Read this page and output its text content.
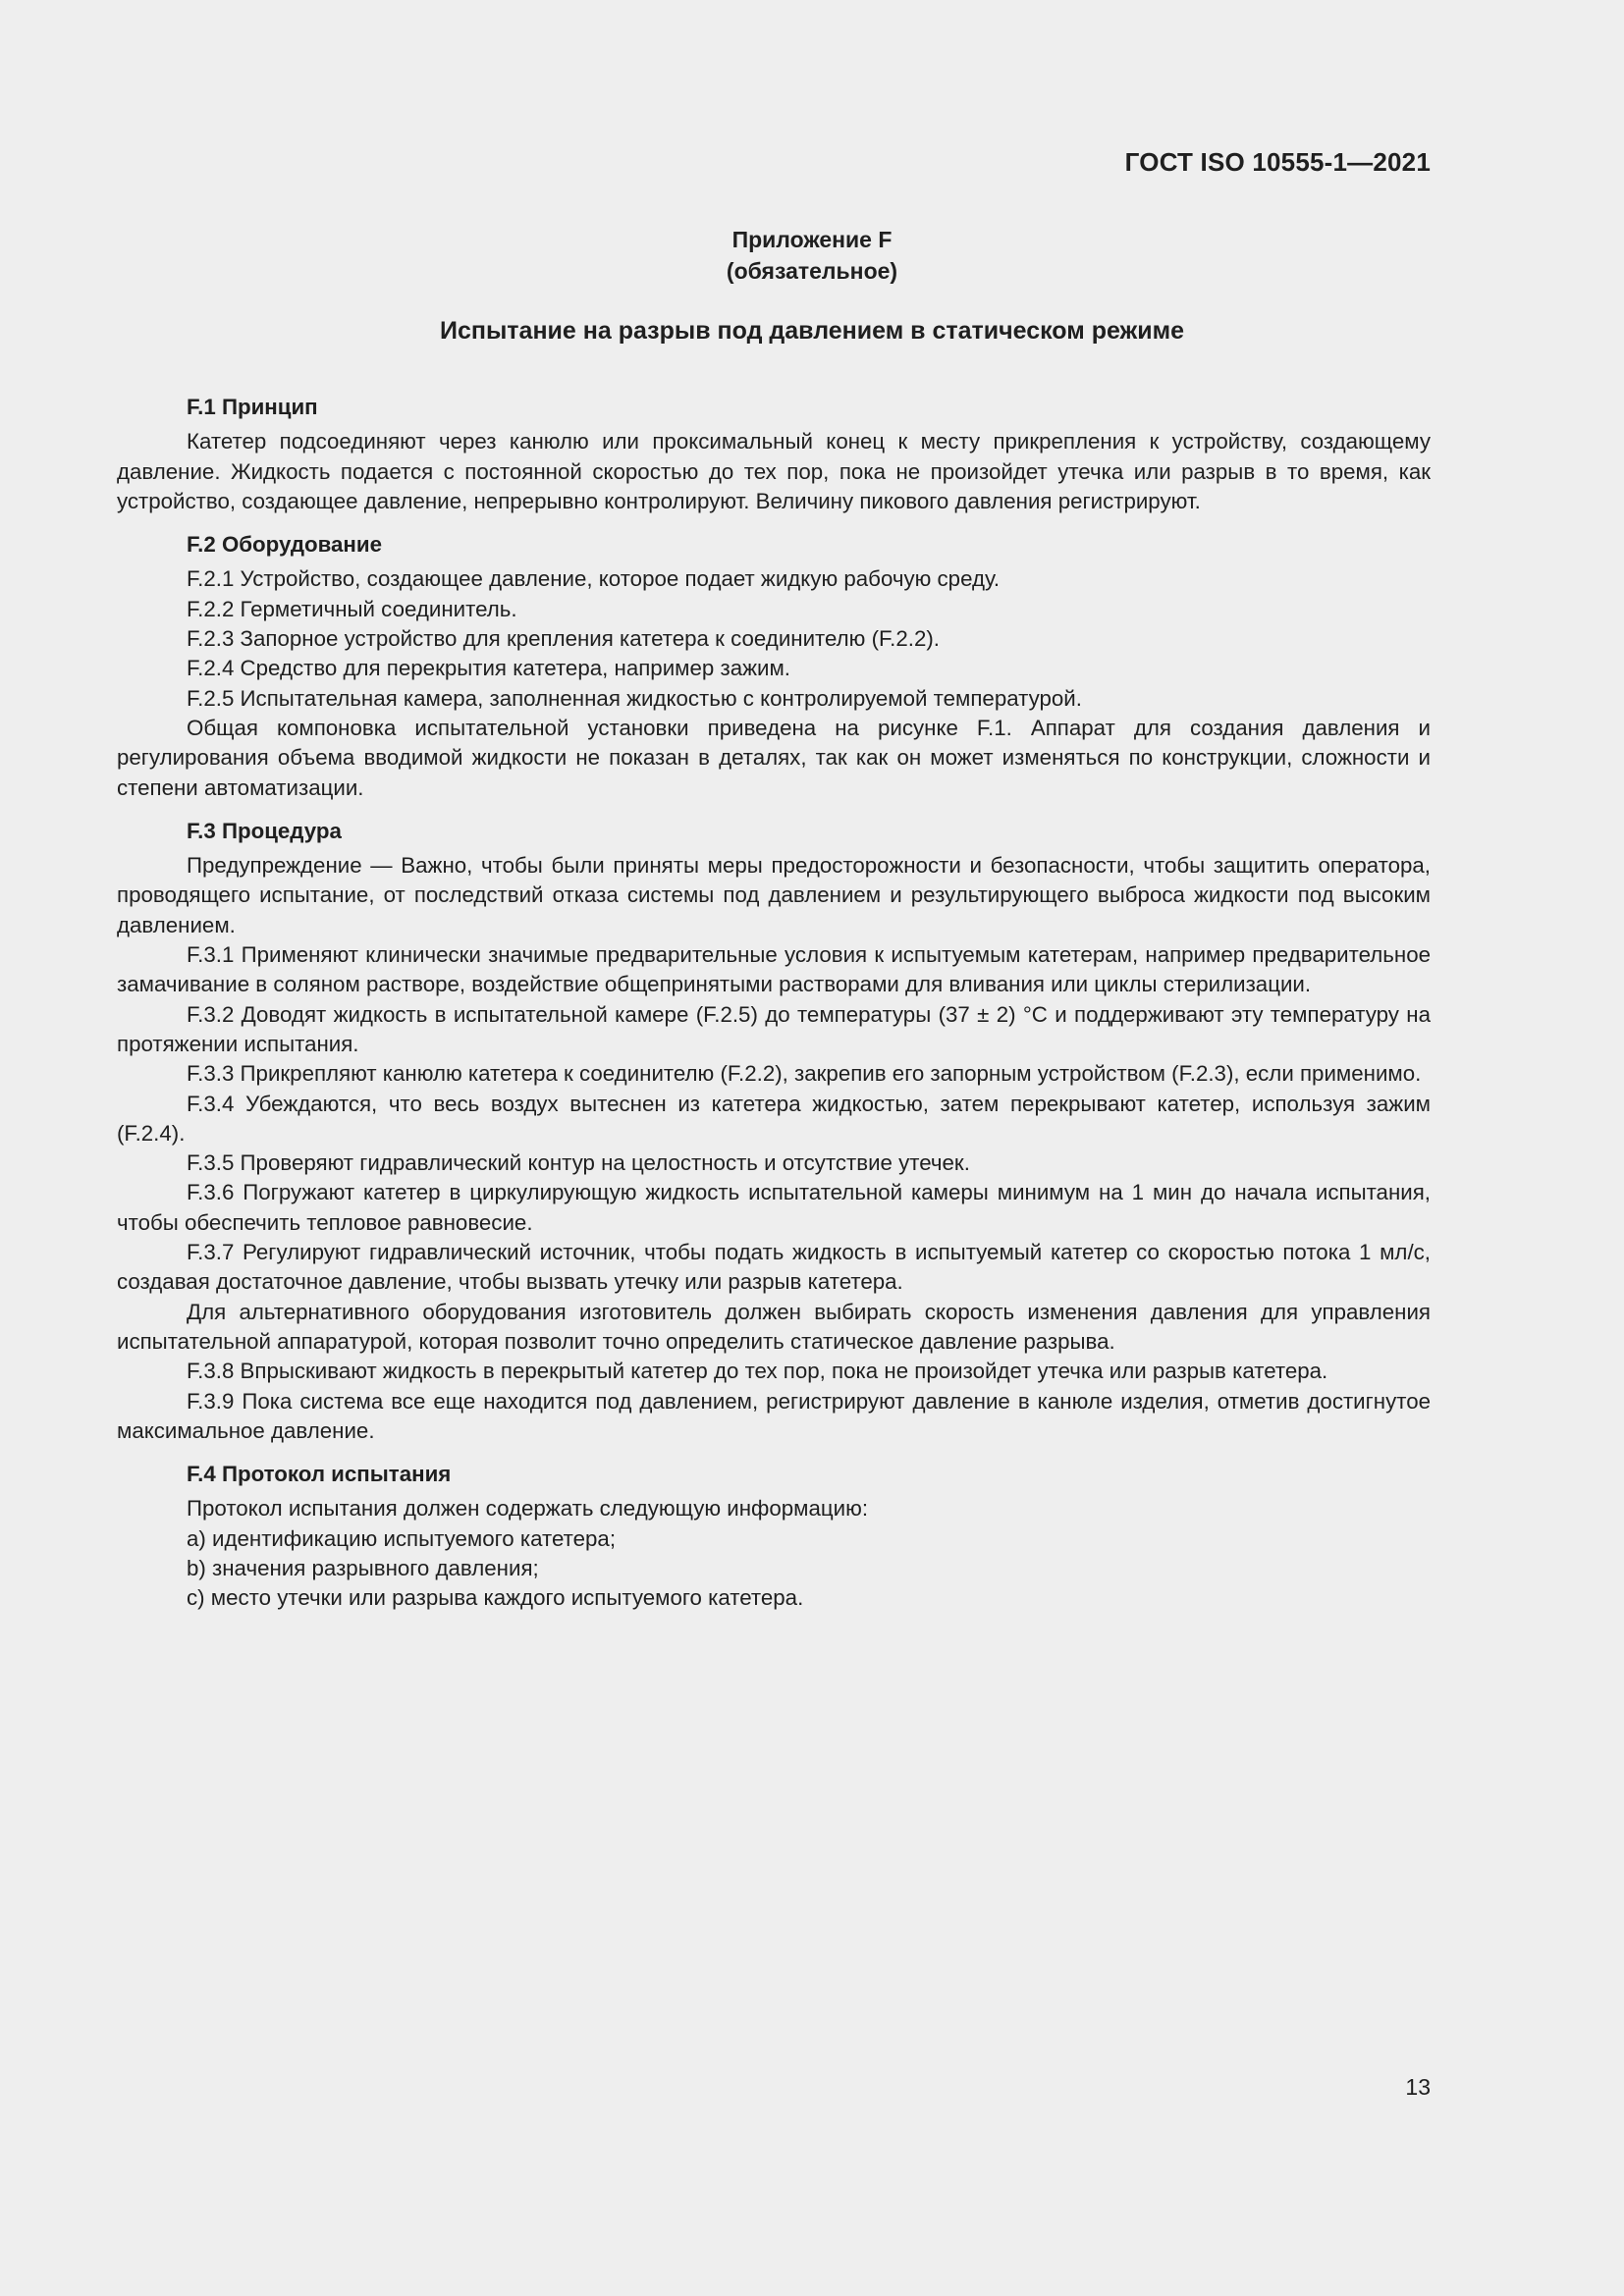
ГОСТ ISO 10555-1—2021
Приложение F
(обязательное)
Испытание на разрыв под давлением в статическом режиме

F.1 Принцип

Катетер подсоединяют через канюлю или проксимальный конец к месту прикрепления к устройству, создающему давление. Жидкость подается с постоянной скоростью до тех пор, пока не произойдет утечка или разрыв в то время, как устройство, создающее давление, непрерывно контролируют. Величину пикового давления регистрируют.

F.2 Оборудование

F.2.1 Устройство, создающее давление, которое подает жидкую рабочую среду.

F.2.2 Герметичный соединитель.

F.2.3 Запорное устройство для крепления катетера к соединителю (F.2.2).

F.2.4 Средство для перекрытия катетера, например зажим.

F.2.5 Испытательная камера, заполненная жидкостью с контролируемой температурой.

Общая компоновка испытательной установки приведена на рисунке F.1. Аппарат для создания давления и регулирования объема вводимой жидкости не показан в деталях, так как он может изменяться по конструкции, сложности и степени автоматизации.

F.3 Процедура

Предупреждение — Важно, чтобы были приняты меры предосторожности и безопасности, чтобы защитить оператора, проводящего испытание, от последствий отказа системы под давлением и результирующего выброса жидкости под высоким давлением.

F.3.1 Применяют клинически значимые предварительные условия к испытуемым катетерам, например предварительное замачивание в соляном растворе, воздействие общепринятыми растворами для вливания или циклы стерилизации.

F.3.2 Доводят жидкость в испытательной камере (F.2.5) до температуры (37 ± 2) °C и поддерживают эту температуру на протяжении испытания.

F.3.3 Прикрепляют канюлю катетера к соединителю (F.2.2), закрепив его запорным устройством (F.2.3), если применимо.

F.3.4 Убеждаются, что весь воздух вытеснен из катетера жидкостью, затем перекрывают катетер, используя зажим (F.2.4).

F.3.5 Проверяют гидравлический контур на целостность и отсутствие утечек.

F.3.6 Погружают катетер в циркулирующую жидкость испытательной камеры минимум на 1 мин до начала испытания, чтобы обеспечить тепловое равновесие.

F.3.7 Регулируют гидравлический источник, чтобы подать жидкость в испытуемый катетер со скоростью потока 1 мл/с, создавая достаточное давление, чтобы вызвать утечку или разрыв катетера.

Для альтернативного оборудования изготовитель должен выбирать скорость изменения давления для управления испытательной аппаратурой, которая позволит точно определить статическое давление разрыва.

F.3.8 Впрыскивают жидкость в перекрытый катетер до тех пор, пока не произойдет утечка или разрыв катетера.

F.3.9 Пока система все еще находится под давлением, регистрируют давление в канюле изделия, отметив достигнутое максимальное давление.

F.4 Протокол испытания

Протокол испытания должен содержать следующую информацию:

a) идентификацию испытуемого катетера;

b) значения разрывного давления;

c) место утечки или разрыва каждого испытуемого катетера.

13
